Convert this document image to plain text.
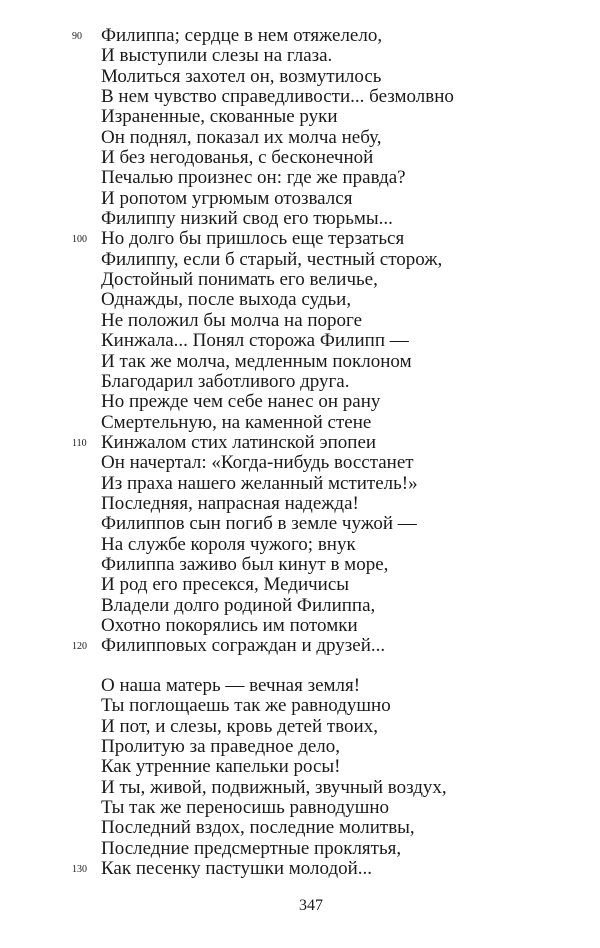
90	Филиппа; сердце в нем отяжелело,
И выступили слезы на глаза.
Молиться захотел он, возмутилось
В нем чувство справедливости... безмолвно
Израненные, скованные руки
Он поднял, показал их молча небу,
И без негодованья, с бесконечной
Печалью произнес он: где же правда?
И ропотом угрюмым отозвался
Филиппу низкий свод его тюрьмы...
100 Но долго бы пришлось еще терзаться
Филиппу, если б старый, честный сторож,
Достойный понимать его величье,
Однажды, после выхода судьи,
Не положил бы молча на пороге
Кинжала... Понял сторожа Филипп —
И так же молча, медленным поклоном
Благодарил заботливого друга.
Но прежде чем себе нанес он рану
Смертельную, на каменной стене
110 Кинжалом стих латинской эпопеи
Он начертал: «Когда-нибудь восстанет
Из праха нашего желанный мститель!»
Последняя, напрасная надежда!
Филиппов сын погиб в земле чужой —
На службе короля чужого; внук
Филиппа заживо был кинут в море,
И род его пресекся, Медичисы
Владели долго родиной Филиппа,
Охотно покорялись им потомки
120 Филипповых сограждан и друзей...
О наша матерь — вечная земля!
Ты поглощаешь так же равнодушно
И пот, и слезы, кровь детей твоих,
Пролитую за праведное дело,
Как утренние капельки росы!
И ты, живой, подвижный, звучный воздух,
Ты так же переносишь равнодушно
Последний вздох, последние молитвы,
Последние предсмертные проклятья,
130 Как песенку пастушки молодой...
347
